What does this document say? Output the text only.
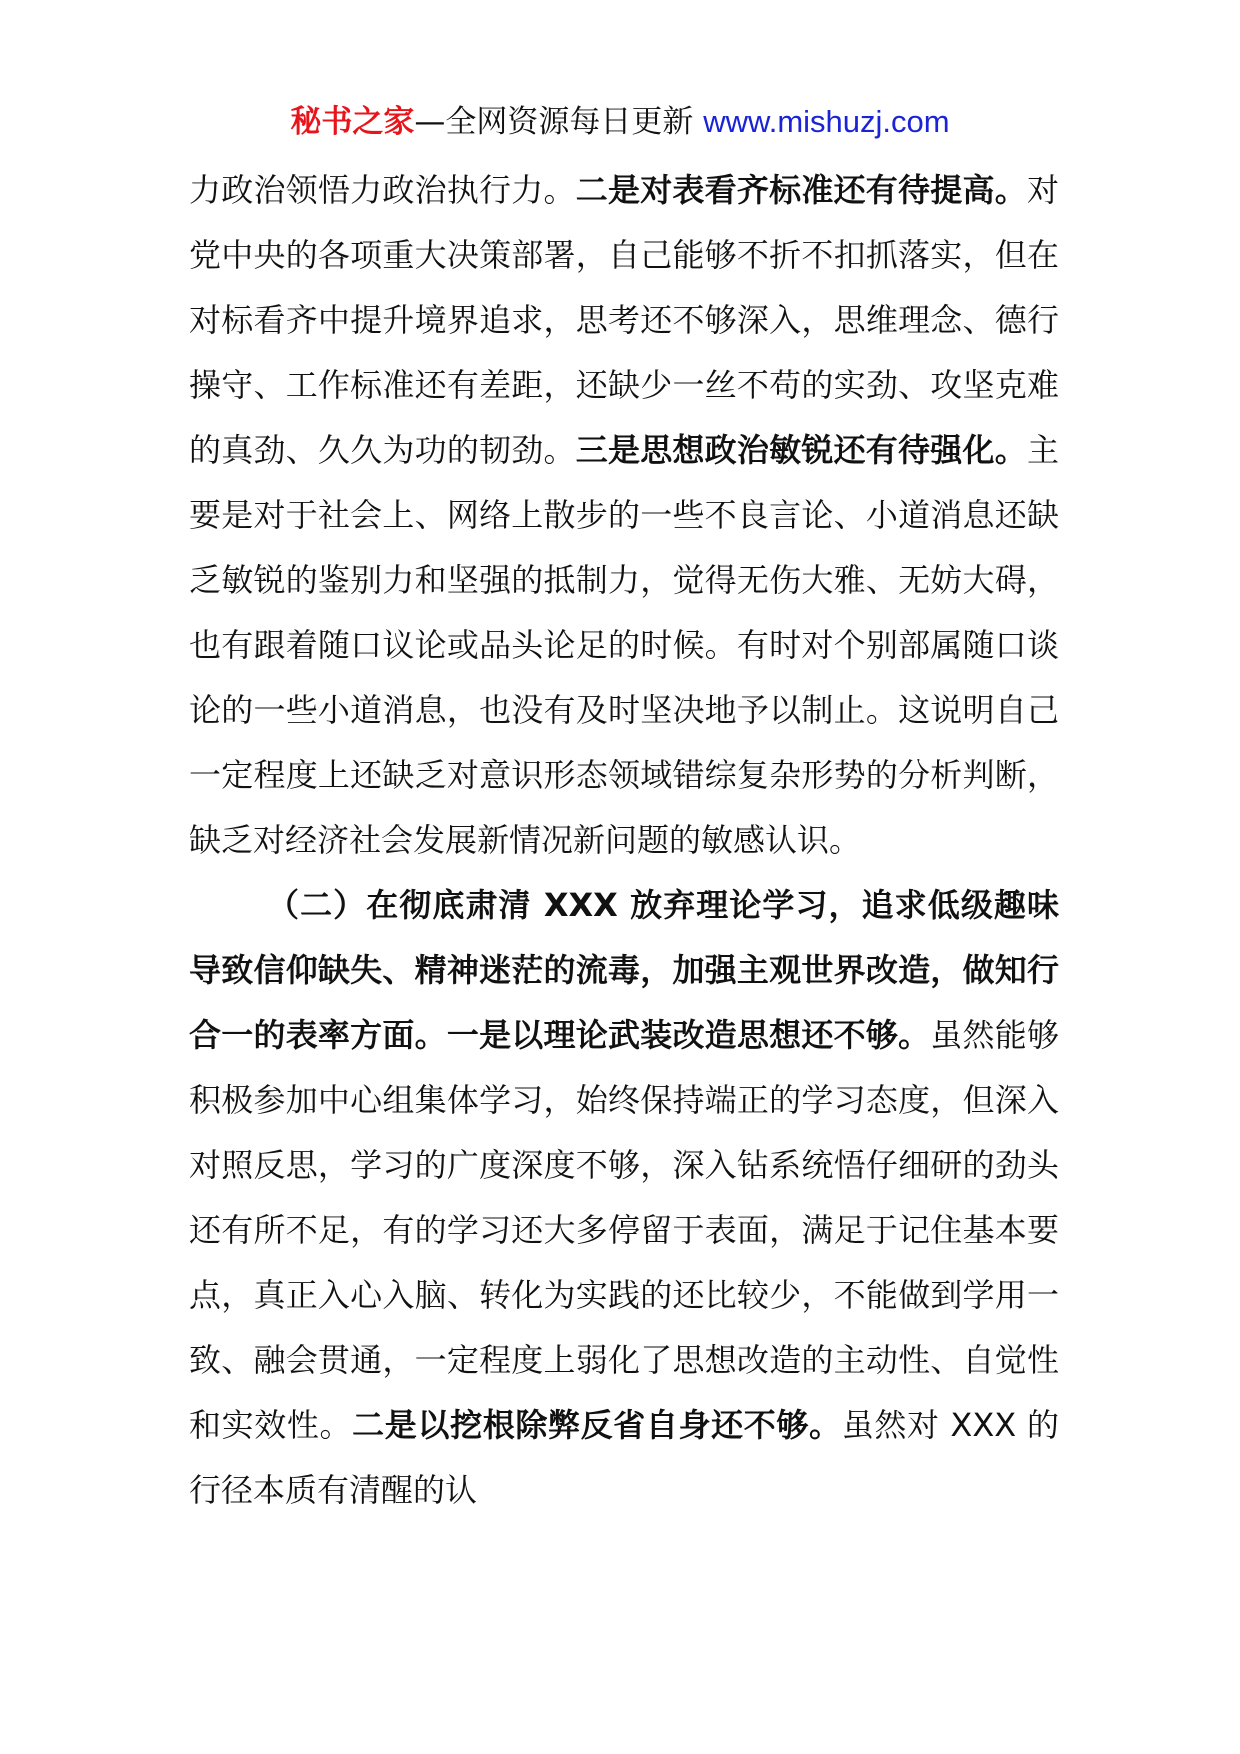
秘书之家—全网资源每日更新 www.mishuzj.com

力政治领悟力政治执行力。二是对表看齐标准还有待提高。对党中央的各项重大决策部署，自己能够不折不扣抓落实，但在对标看齐中提升境界追求，思考还不够深入，思维理念、德行操守、工作标准还有差距，还缺少一丝不苟的实劲、攻坚克难的真劲、久久为功的韧劲。三是思想政治敏锐还有待强化。主要是对于社会上、网络上散步的一些不良言论、小道消息还缺乏敏锐的鉴别力和坚强的抵制力，觉得无伤大雅、无妨大碍，也有跟着随口议论或品头论足的时候。有时对个别部属随口谈论的一些小道消息，也没有及时坚决地予以制止。这说明自己一定程度上还缺乏对意识形态领域错综复杂形势的分析判断，缺乏对经济社会发展新情况新问题的敏感认识。

（二）在彻底肃清 XXX 放弃理论学习，追求低级趣味导致信仰缺失、精神迷茫的流毒，加强主观世界改造，做知行合一的表率方面。一是以理论武装改造思想还不够。虽然能够积极参加中心组集体学习，始终保持端正的学习态度，但深入对照反思，学习的广度深度不够，深入钻系统悟仔细研的劲头还有所不足，有的学习还大多停留于表面，满足于记住基本要点，真正入心入脑、转化为实践的还比较少，不能做到学用一致、融会贯通，一定程度上弱化了思想改造的主动性、自觉性和实效性。二是以挖根除弊反省自身还不够。虽然对 XXX 的行径本质有清醒的认
